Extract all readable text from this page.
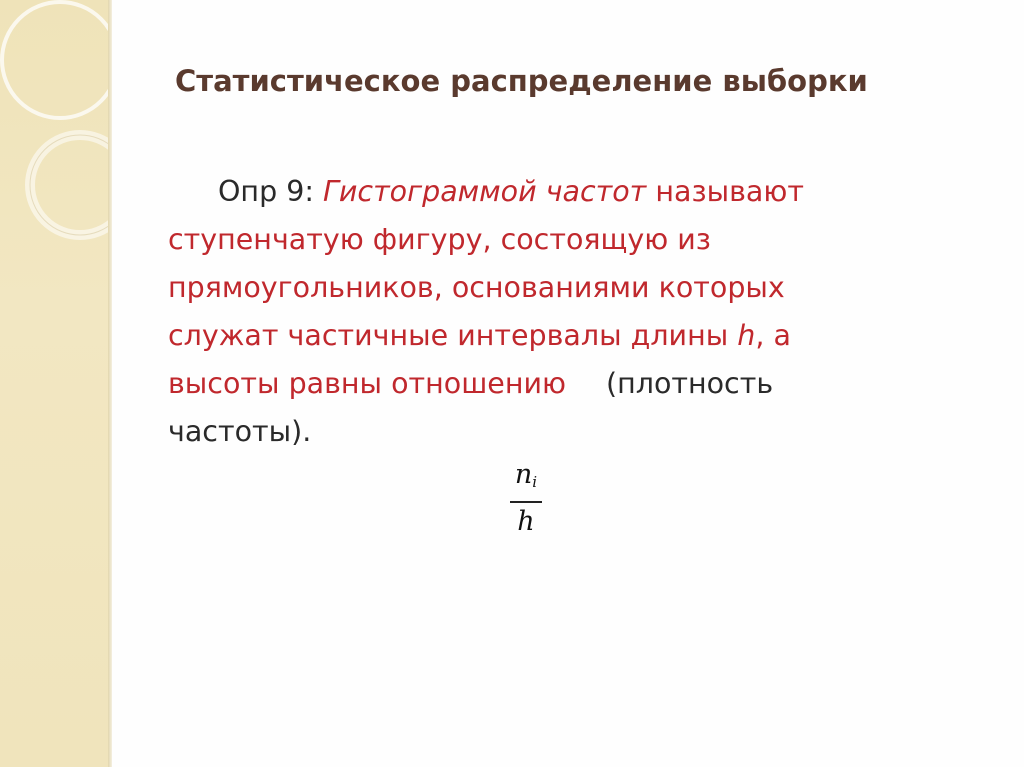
Статистическое распределение выборки
Опр 9: Гистограммой частот называют
ступенчатую фигуру, состоящую из
прямоугольников, основаниями которых
служат частичные интервалы длины h, а
высоты равны отношению (плотность
частоты).
$n_i$
h
